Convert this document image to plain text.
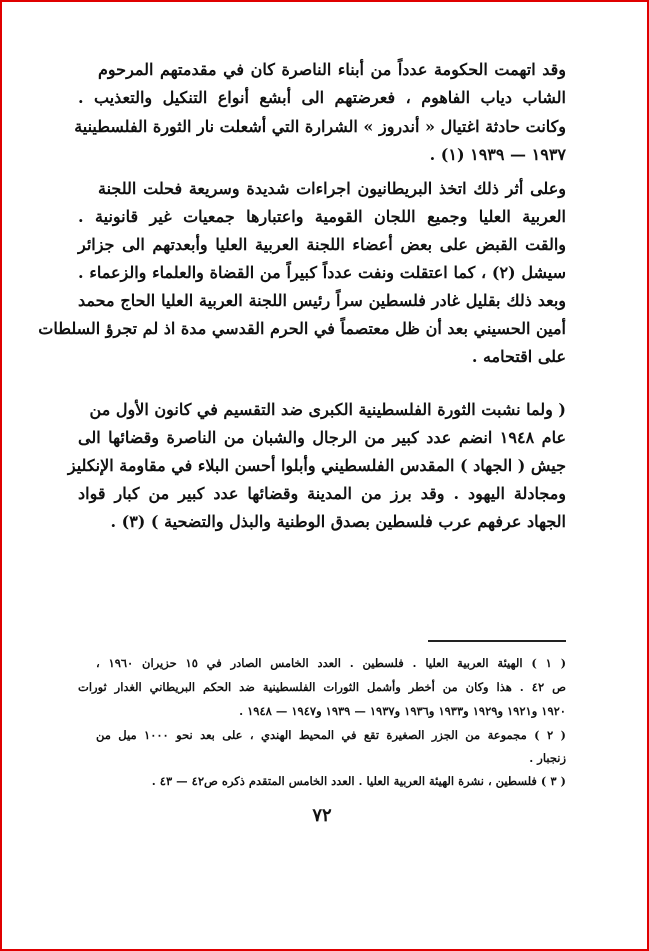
وقد اتهمت الحكومة عدداً من أبناء الناصرة كان في مقدمتهم المرحوم
الشاب دياب الفاهوم ، فعرضتهم الى أبشع أنواع التنكيل والتعذيب .
وكانت حادثة اغتيال « أندروز » الشرارة التي أشعلت نار الثورة الفلسطينية
١٩٣٧ — ١٩٣٩ (١) .
وعلى أثر ذلك اتخذ البريطانيون اجراءات شديدة وسريعة فحلت اللجنة
العربية العليا وجميع اللجان القومية واعتبارها جمعيات غير قانونية .
والقت القبض على بعض أعضاء اللجنة العربية العليا وأبعدتهم الى جزائر
سيشل (٢) ، كما اعتقلت ونفت عدداً كبيراً من القضاة والعلماء والزعماء .
وبعد ذلك بقليل غادر فلسطين سراً رئيس اللجنة العربية العليا الحاج محمد
أمين الحسيني بعد أن ظل معتصماً في الحرم القدسي مدة اذ لم تجرؤ السلطات
على اقتحامه .
( ولما نشبت الثورة الفلسطينية الكبرى ضد التقسيم في كانون الأول من
عام ١٩٤٨ انضم عدد كبير من الرجال والشبان من الناصرة وقضائها الى
جيش ( الجهاد ) المقدس الفلسطيني وأبلوا أحسن البلاء في مقاومة الإنكليز
ومجادلة اليهود . وقد برز من المدينة وقضائها عدد كبير من كبار قواد
الجهاد عرفهم عرب فلسطين بصدق الوطنية والبذل والتضحية ) (٣) .
( ١ ) الهيئة العربية العليا . فلسطين . العدد الخامس الصادر في ١٥ حزيران ١٩٦٠ ،
ص ٤٢ . هذا وكان من أخطر وأشمل الثورات الفلسطينية ضد الحكم البريطاني الغدار ثورات
١٩٢٠ و١٩٢١ و١٩٢٩ و١٩٣٣ و١٩٣٦ و١٩٣٧ — ١٩٣٩ و١٩٤٧ — ١٩٤٨ .
( ٢ ) مجموعة من الجزر الصغيرة تقع في المحيط الهندي ، على بعد نحو ١٠٠٠ ميل من
زنجبار .
( ٣ ) فلسطين ، نشرة الهيئة العربية العليا . العدد الخامس المتقدم ذكره ص٤٢ — ٤٣ .
٧٢
